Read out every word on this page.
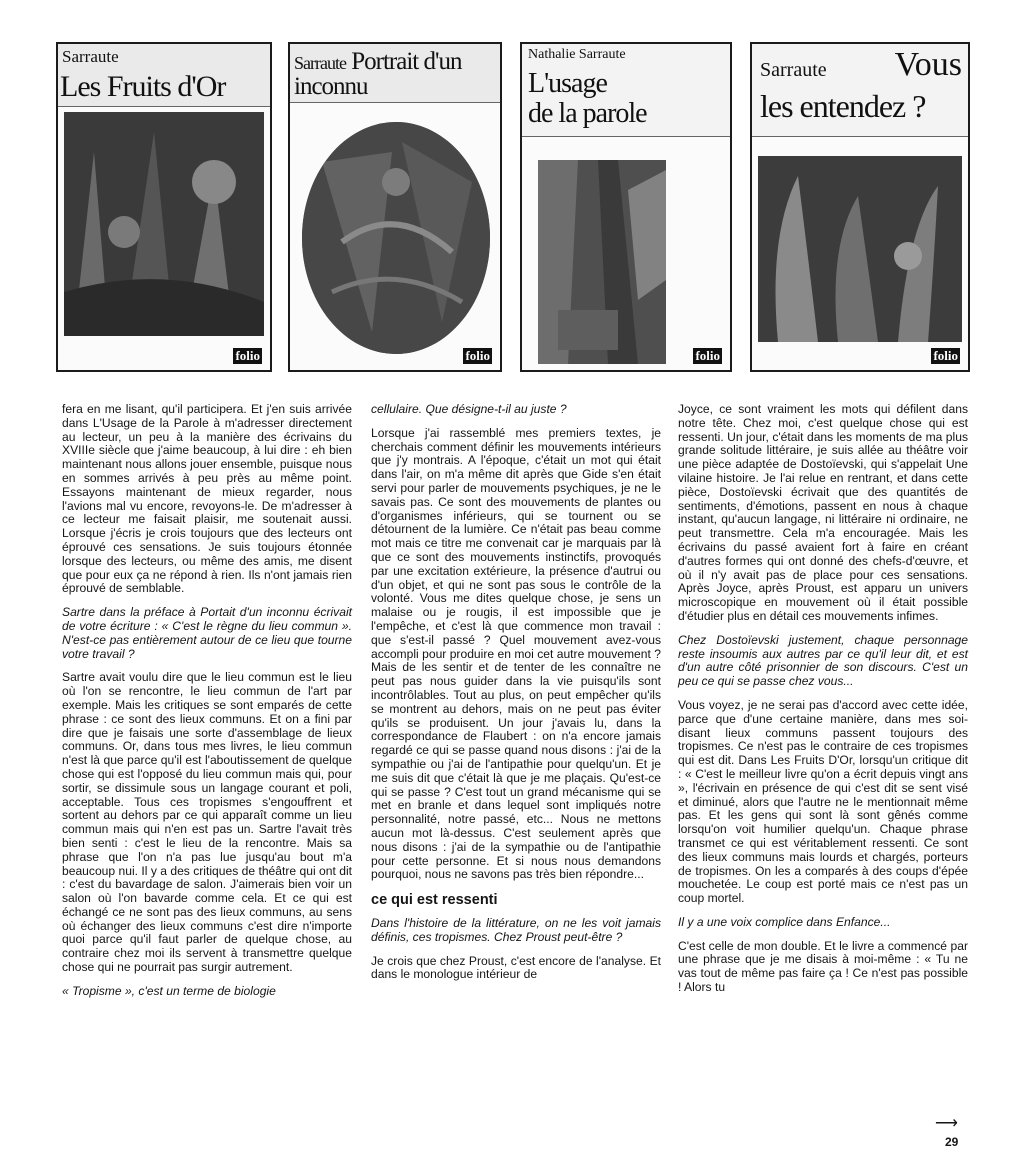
Sarraute
Les Fruits d'Or
folio
Sarraute Portrait d'un inconnu
folio
Nathalie Sarraute
L'usage
de la parole
folio
Sarraute Vous
les entendez ?
folio

fera en me lisant, qu'il participera. Et j'en suis arrivée dans L'Usage de la Parole à m'adresser directement au lecteur, un peu à la manière des écrivains du XVIIIe siècle que j'aime beaucoup, à lui dire : eh bien maintenant nous allons jouer ensemble, puisque nous en sommes arrivés à peu près au même point. Essayons maintenant de mieux regarder, nous l'avions mal vu encore, revoyons-le. De m'adresser à ce lecteur me faisait plaisir, me soutenait aussi. Lorsque j'écris je crois toujours que des lecteurs ont éprouvé ces sensations. Je suis toujours étonnée lorsque des lecteurs, ou même des amis, me disent que pour eux ça ne répond à rien. Ils n'ont jamais rien éprouvé de semblable.

Sartre dans la préface à Portait d'un inconnu écrivait de votre écriture : « C'est le règne du lieu commun ». N'est-ce pas entièrement autour de ce lieu que tourne votre travail ?

Sartre avait voulu dire que le lieu commun est le lieu où l'on se rencontre, le lieu commun de l'art par exemple. Mais les critiques se sont emparés de cette phrase : ce sont des lieux communs. Et on a fini par dire que je faisais une sorte d'assemblage de lieux communs. Or, dans tous mes livres, le lieu commun n'est là que parce qu'il est l'aboutissement de quelque chose qui est l'opposé du lieu commun mais qui, pour sortir, se dissimule sous un langage courant et poli, acceptable. Tous ces tropismes s'engouffrent et sortent au dehors par ce qui apparaît comme un lieu commun mais qui n'en est pas un. Sartre l'avait très bien senti : c'est le lieu de la rencontre. Mais sa phrase que l'on n'a pas lue jusqu'au bout m'a beaucoup nui. Il y a des critiques de théâtre qui ont dit : c'est du bavardage de salon. J'aimerais bien voir un salon où l'on bavarde comme cela. Et ce qui est échangé ce ne sont pas des lieux communs, au sens où échanger des lieux communs c'est dire n'importe quoi parce qu'il faut parler de quelque chose, au contraire chez moi ils servent à transmettre quelque chose qui ne pourrait pas surgir autrement.

« Tropisme », c'est un terme de biologie

cellulaire. Que désigne-t-il au juste ?

Lorsque j'ai rassemblé mes premiers textes, je cherchais comment définir les mouvements intérieurs que j'y montrais. A l'époque, c'était un mot qui était dans l'air, on m'a même dit après que Gide s'en était servi pour parler de mouvements psychiques, je ne le savais pas. Ce sont des mouvements de plantes ou d'organismes inférieurs, qui se tournent ou se détournent de la lumière. Ce n'était pas beau comme mot mais ce titre me convenait car je marquais par là que ce sont des mouvements instinctifs, provoqués par une excitation extérieure, la présence d'autrui ou d'un objet, et qui ne sont pas sous le contrôle de la volonté. Vous me dites quelque chose, je sens un malaise ou je rougis, il est impossible que je l'empêche, et c'est là que commence mon travail : que s'est-il passé ? Quel mouvement avez-vous accompli pour produire en moi cet autre mouvement ? Mais de les sentir et de tenter de les connaître ne peut pas nous guider dans la vie puisqu'ils sont incontrôlables. Tout au plus, on peut empêcher qu'ils se montrent au dehors, mais on ne peut pas éviter qu'ils se produisent. Un jour j'avais lu, dans la correspondance de Flaubert : on n'a encore jamais regardé ce qui se passe quand nous disons : j'ai de la sympathie ou j'ai de l'antipathie pour quelqu'un. Et je me suis dit que c'était là que je me plaçais. Qu'est-ce qui se passe ? C'est tout un grand mécanisme qui se met en branle et dans lequel sont impliqués notre personnalité, notre passé, etc... Nous ne mettons aucun mot là-dessus. C'est seulement après que nous disons : j'ai de la sympathie ou de l'antipathie pour cette personne. Et si nous nous demandons pourquoi, nous ne savons pas très bien répondre...

ce qui est ressenti

Dans l'histoire de la littérature, on ne les voit jamais définis, ces tropismes. Chez Proust peut-être ?

Je crois que chez Proust, c'est encore de l'analyse. Et dans le monologue intérieur de

Joyce, ce sont vraiment les mots qui défilent dans notre tête. Chez moi, c'est quelque chose qui est ressenti. Un jour, c'était dans les moments de ma plus grande solitude littéraire, je suis allée au théâtre voir une pièce adaptée de Dostoïevski, qui s'appelait Une vilaine histoire. Je l'ai relue en rentrant, et dans cette pièce, Dostoïevski écrivait que des quantités de sentiments, d'émotions, passent en nous à chaque instant, qu'aucun langage, ni littéraire ni ordinaire, ne peut transmettre. Cela m'a encouragée. Mais les écrivains du passé avaient fort à faire en créant d'autres formes qui ont donné des chefs-d'œuvre, et où il n'y avait pas de place pour ces sensations. Après Joyce, après Proust, est apparu un univers microscopique en mouvement où il était possible d'étudier plus en détail ces mouvements infimes.

Chez Dostoïevski justement, chaque personnage reste insoumis aux autres par ce qu'il leur dit, et est d'un autre côté prisonnier de son discours. C'est un peu ce qui se passe chez vous...

Vous voyez, je ne serai pas d'accord avec cette idée, parce que d'une certaine manière, dans mes soi-disant lieux communs passent toujours des tropismes. Ce n'est pas le contraire de ces tropismes qui est dit. Dans Les Fruits D'Or, lorsqu'un critique dit : « C'est le meilleur livre qu'on a écrit depuis vingt ans », l'écrivain en présence de qui c'est dit se sent visé et diminué, alors que l'autre ne le mentionnait même pas. Et les gens qui sont là sont gênés comme lorsqu'on voit humilier quelqu'un. Chaque phrase transmet ce qui est véritablement ressenti. Ce sont des lieux communs mais lourds et chargés, porteurs de tropismes. On les a comparés à des coups d'épée mouchetée. Le coup est porté mais ce n'est pas un coup mortel.

Il y a une voix complice dans Enfance...

C'est celle de mon double. Et le livre a commencé par une phrase que je me disais à moi-même : « Tu ne vas tout de même pas faire ça ! Ce n'est pas possible ! Alors tu

⟶
29
